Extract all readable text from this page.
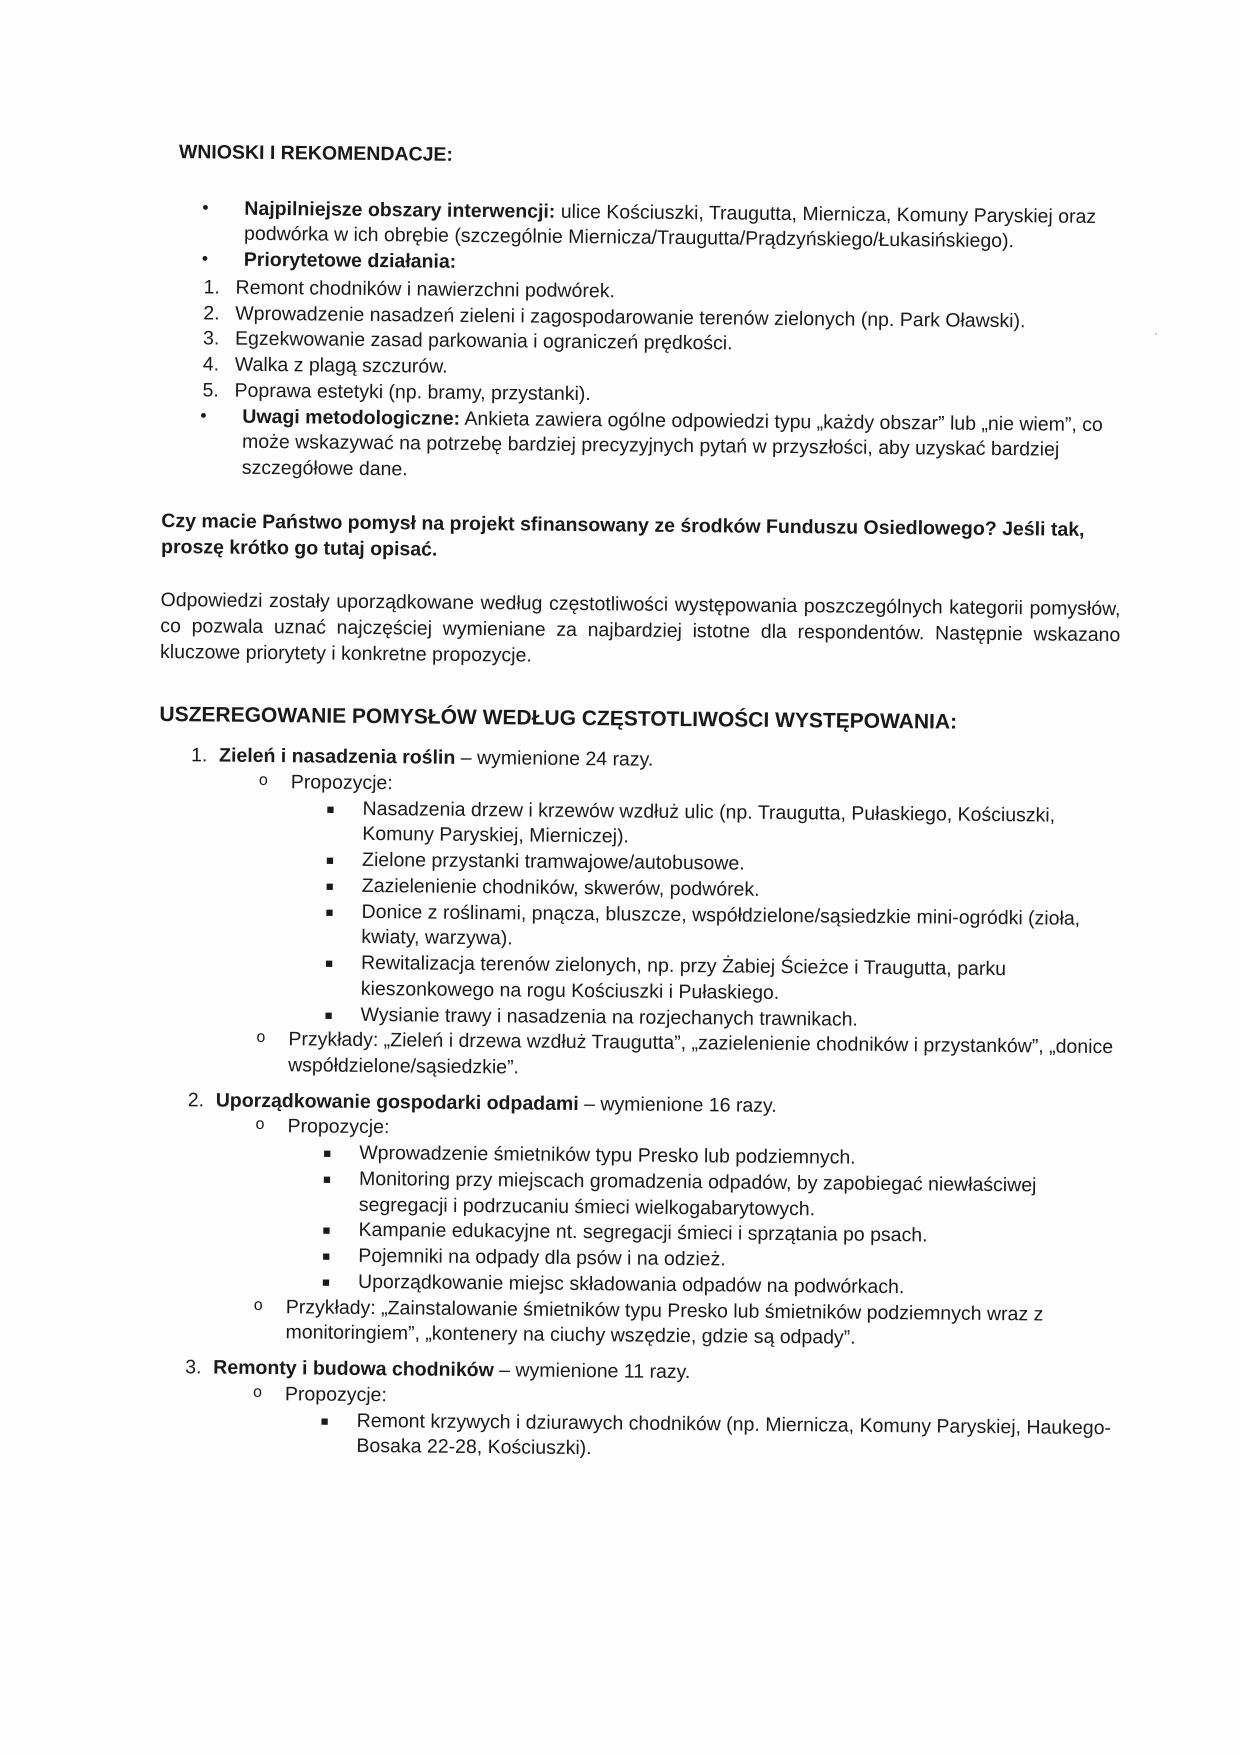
·
WNIOSKI I REKOMENDACJE:
• Najpilniejsze obszary interwencji: ulice Kościuszki, Traugutta, Miernicza, Komuny Paryskiej oraz podwórka w ich obrębie (szczególnie Miernicza/Traugutta/Prądzyńskiego/Łukasińskiego).
• Priorytetowe działania:
1. Remont chodników i nawierzchni podwórek.
2. Wprowadzenie nasadzeń zieleni i zagospodarowanie terenów zielonych (np. Park Oławski).
3. Egzekwowanie zasad parkowania i ograniczeń prędkości.
4. Walka z plagą szczurów.
5. Poprawa estetyki (np. bramy, przystanki).
• Uwagi metodologiczne: Ankieta zawiera ogólne odpowiedzi typu „każdy obszar” lub „nie wiem”, co może wskazywać na potrzebę bardziej precyzyjnych pytań w przyszłości, aby uzyskać bardziej szczegółowe dane.
Czy macie Państwo pomysł na projekt sfinansowany ze środków Funduszu Osiedlowego? Jeśli tak, proszę krótko go tutaj opisać.
Odpowiedzi zostały uporządkowane według częstotliwości występowania poszczególnych kategorii pomysłów, co pozwala uznać najczęściej wymieniane za najbardziej istotne dla respondentów. Następnie wskazano kluczowe priorytety i konkretne propozycje.
USZEREGOWANIE POMYSŁÓW WEDŁUG CZĘSTOTLIWOŚCI WYSTĘPOWANIA:
1. Zieleń i nasadzenia roślin – wymienione 24 razy.
o Propozycje:
■ Nasadzenia drzew i krzewów wzdłuż ulic (np. Traugutta, Pułaskiego, Kościuszki, Komuny Paryskiej, Mierniczej).
■ Zielone przystanki tramwajowe/autobusowe.
■ Zazielenienie chodników, skwerów, podwórek.
■ Donice z roślinami, pnącza, bluszcze, współdzielone/sąsiedzkie mini-ogródki (zioła, kwiaty, warzywa).
■ Rewitalizacja terenów zielonych, np. przy Żabiej Ścieżce i Traugutta, parku kieszonkowego na rogu Kościuszki i Pułaskiego.
■ Wysianie trawy i nasadzenia na rozjechanych trawnikach.
o Przykłady: „Zieleń i drzewa wzdłuż Traugutta”, „zazielenienie chodników i przystanków”, „donice współdzielone/sąsiedzkie”.
2. Uporządkowanie gospodarki odpadami – wymienione 16 razy.
o Propozycje:
■ Wprowadzenie śmietników typu Presko lub podziemnych.
■ Monitoring przy miejscach gromadzenia odpadów, by zapobiegać niewłaściwej segregacji i podrzucaniu śmieci wielkogabarytowych.
■ Kampanie edukacyjne nt. segregacji śmieci i sprzątania po psach.
■ Pojemniki na odpady dla psów i na odzież.
■ Uporządkowanie miejsc składowania odpadów na podwórkach.
o Przykłady: „Zainstalowanie śmietników typu Presko lub śmietników podziemnych wraz z monitoringiem”, „kontenery na ciuchy wszędzie, gdzie są odpady”.
3. Remonty i budowa chodników – wymienione 11 razy.
o Propozycje:
■ Remont krzywych i dziurawych chodników (np. Miernicza, Komuny Paryskiej, Haukego-Bosaka 22-28, Kościuszki).
